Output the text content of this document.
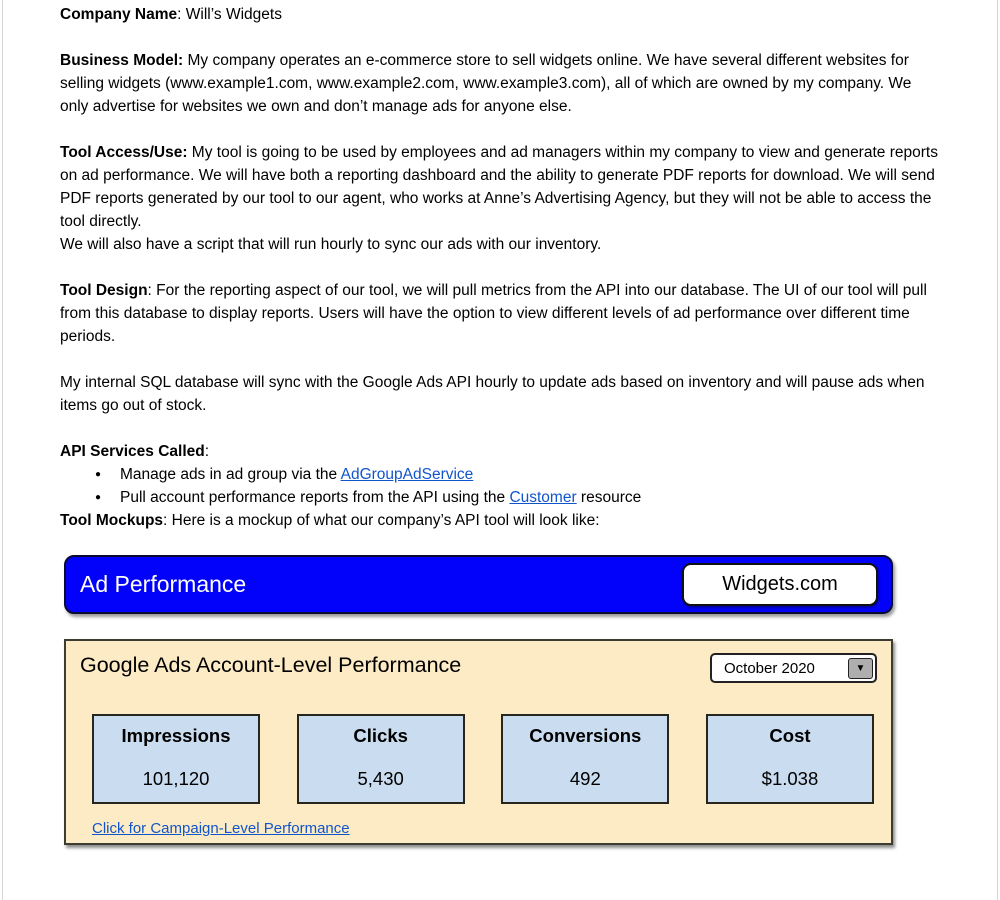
Company Name: Will’s Widgets

Business Model: My company operates an e-commerce store to sell widgets online. We have several different websites for selling widgets (www.example1.com, www.example2.com, www.example3.com), all of which are owned by my company. We only advertise for websites we own and don’t manage ads for anyone else.

Tool Access/Use: My tool is going to be used by employees and ad managers within my company to view and generate reports on ad performance. We will have both a reporting dashboard and the ability to generate PDF reports for download. We will send PDF reports generated by our tool to our agent, who works at Anne’s Advertising Agency, but they will not be able to access the tool directly.
We will also have a script that will run hourly to sync our ads with our inventory.

Tool Design: For the reporting aspect of our tool, we will pull metrics from the API into our database. The UI of our tool will pull from this database to display reports. Users will have the option to view different levels of ad performance over different time periods.

My internal SQL database will sync with the Google Ads API hourly to update ads based on inventory and will pause ads when items go out of stock.

API Services Called:
● Manage ads in ad group via the AdGroupAdService
● Pull account performance reports from the API using the Customer resource

Tool Mockups: Here is a mockup of what our company’s API tool will look like:

Ad Performance	Widgets.com
Google Ads Account-Level Performance	October 2020	▼
Impressions
101,120
Clicks
5,430
Conversions
492
Cost
$1.038
Click for Campaign-Level Performance
